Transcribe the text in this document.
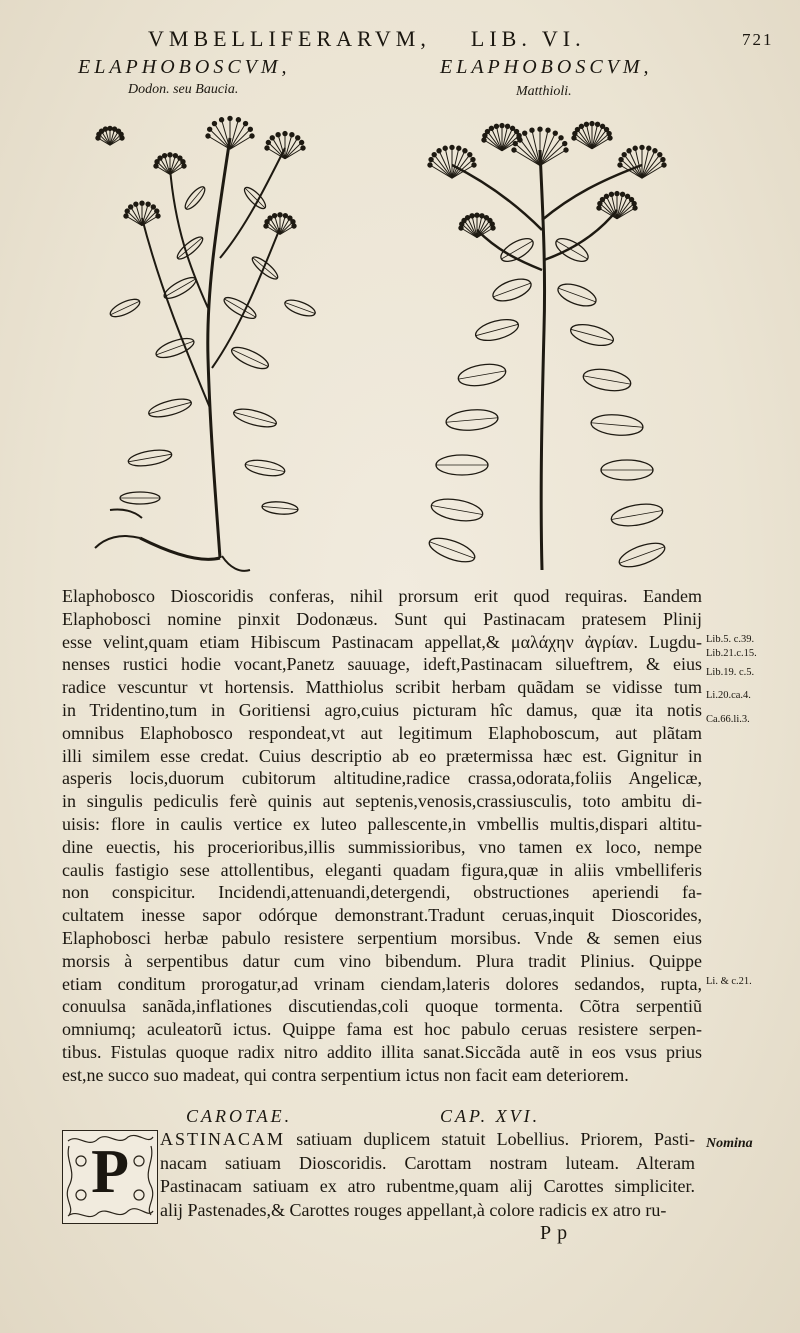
VMBELLIFERARVM, LIB. VI.	721
ELAPHOBOSCVM,
Dodon. seu Baucia.
ELAPHOBOSCVM,
Matthioli.
Elaphobosco Dioscoridis conferas, nihil prorsum erit quod requiras. Eandem
Elaphobosci nomine pinxit Dodonæus. Sunt qui Pastinacam pratesem Plinij
esse velint,quam etiam Hibiscum Pastinacam appellat,& μαλάχην ἀγρίαν. Lugdu-
nenses rustici hodie vocant,Panetz sauuage, ideft,Pastinacam silueftrem, & eius
radice vescuntur vt hortensis. Matthiolus scribit herbam quãdam se vidisse tum
in Tridentino,tum in Goritiensi agro,cuius picturam hîc damus, quæ ita notis
omnibus Elaphobosco respondeat,vt aut legitimum Elaphoboscum, aut plãtam
illi similem esse credat. Cuius descriptio ab eo prætermissa hæc est. Gignitur in
asperis locis,duorum cubitorum altitudine,radice crassa,odorata,foliis Angelicæ,
in singulis pediculis ferè quinis aut septenis,venosis,crassiusculis, toto ambitu di-
uisis: flore in caulis vertice ex luteo pallescente,in vmbellis multis,dispari altitu-
dine euectis, his procerioribus,illis summissioribus, vno tamen ex loco, nempe
caulis fastigio sese attollentibus, eleganti quadam figura,quæ in aliis vmbelliferis
non conspicitur. Incidendi,attenuandi,detergendi, obstructiones aperiendi fa-
cultatem inesse sapor odórque demonstrant.Tradunt ceruas,inquit Dioscorides,
Elaphobosci herbæ pabulo resistere serpentium morsibus. Vnde & semen eius
morsis à serpentibus datur cum vino bibendum. Plura tradit Plinius. Quippe
etiam conditum prorogatur,ad vrinam ciendam,lateris dolores sedandos, rupta,
conuulsa sanãda,inflationes discutiendas,coli quoque tormenta. Cõtra serpentiũ
omniumq; aculeatorũ ictus. Quippe fama est hoc pabulo ceruas resistere serpen-
tibus. Fistulas quoque radix nitro addito illita sanat.Siccãda autẽ in eos vsus prius
est,ne succo suo madeat, qui contra serpentium ictus non facit eam deteriorem.
Lib.5. c.39.
Lib.21.c.15.
Lib.19. c.5.
Li.20.ca.4.
Ca.66.li.3.
Li. & c.21.
CAROTAE.	CAP. XVI.
P	ASTINACAM satiuam duplicem statuit Lobellius. Priorem, Pasti-
nacam satiuam Dioscoridis. Carottam nostram luteam. Alteram
Pastinacam satiuam ex atro rubentme,quam alij Carottes simpliciter.
alij Pastenades,& Carottes rouges appellant,à colore radicis ex atro ru-
Nomina
Pp
